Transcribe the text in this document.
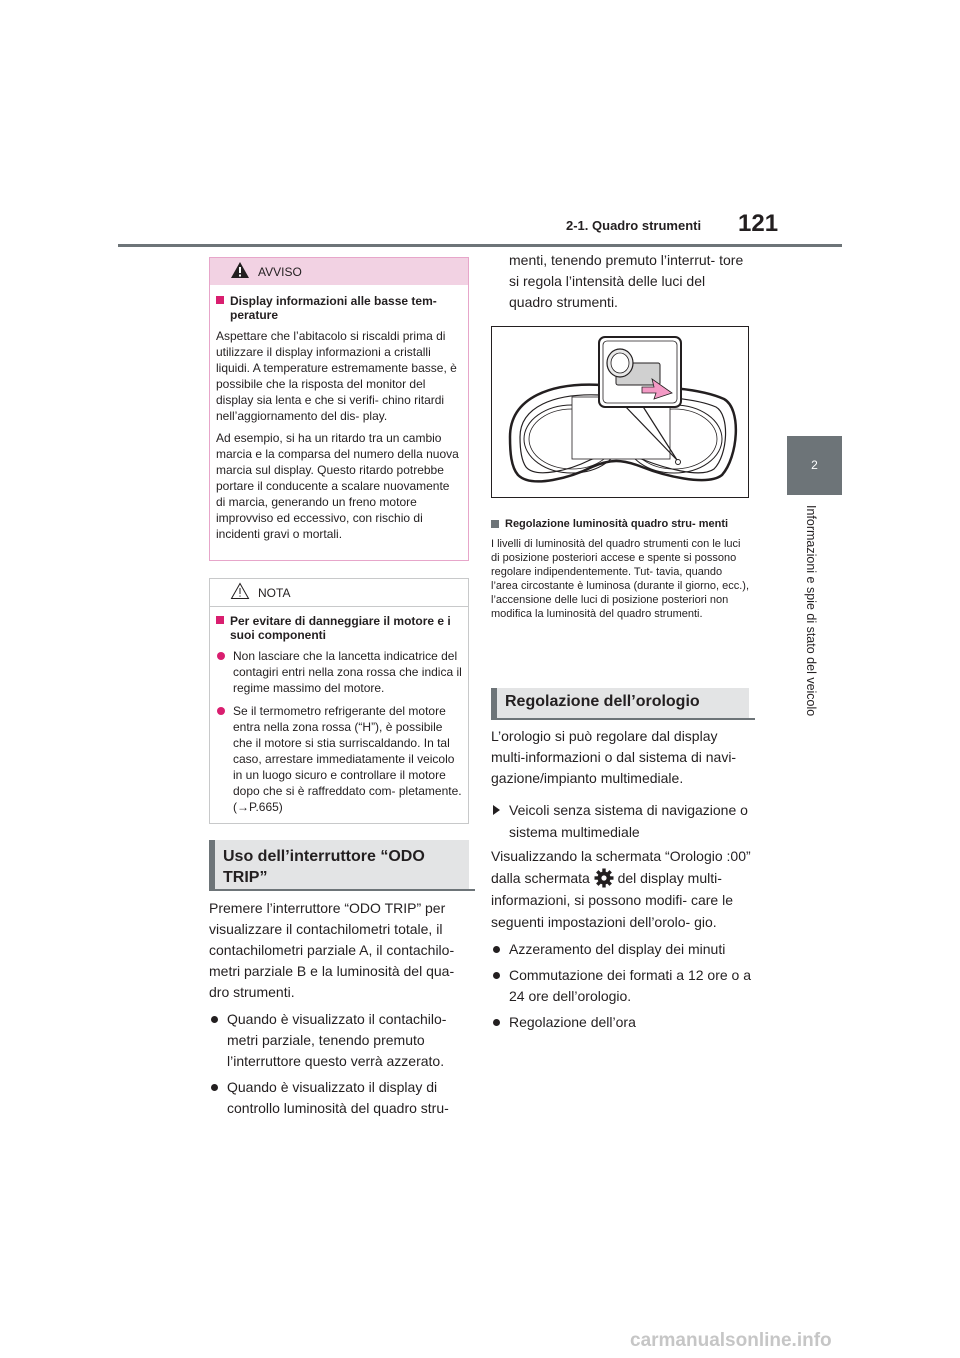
2-1. Quadro strumenti 121
2
Informazioni e spie di stato del veicolo
AVVISO
Display informazioni alle basse tem- perature
Aspettare che l’abitacolo si riscaldi prima di utilizzare il display informazioni a cristalli liquidi. A temperature estremamente basse, è possibile che la risposta del monitor del display sia lenta e che si verifi- chino ritardi nell’aggiornamento del dis- play.
Ad esempio, si ha un ritardo tra un cambio marcia e la comparsa del numero della nuova marcia sul display. Questo ritardo potrebbe portare il conducente a scalare nuovamente di marcia, generando un freno motore improvviso ed eccessivo, con rischio di incidenti gravi o mortali.
NOTA
Per evitare di danneggiare il motore e i suoi componenti
Non lasciare che la lancetta indicatrice del contagiri entri nella zona rossa che indica il regime massimo del motore.
Se il termometro refrigerante del motore entra nella zona rossa (“H”), è possibile che il motore si stia surriscaldando. In tal caso, arrestare immediatamente il veicolo in un luogo sicuro e controllare il motore dopo che si è raffreddato com- pletamente. (→P.665)
Uso dell’interruttore “ODO TRIP”
Premere l’interruttore “ODO TRIP” per visualizzare il contachilometri totale, il contachilometri parziale A, il contachilo- metri parziale B e la luminosità del qua- dro strumenti.
Quando è visualizzato il contachilo- metri parziale, tenendo premuto l’interruttore questo verrà azzerato.
Quando è visualizzato il display di controllo luminosità del quadro stru-
menti, tenendo premuto l’interrut- tore si regola l’intensità delle luci del quadro strumenti.
Regolazione luminosità quadro stru- menti
I livelli di luminosità del quadro strumenti con le luci di posizione posteriori accese e spente si possono regolare indipendentemente. Tut- tavia, quando l’area circostante è luminosa (durante il giorno, ecc.), l’accensione delle luci di posizione posteriori non modifica la luminosità del quadro strumenti.
Regolazione dell’orologio
L’orologio si può regolare dal display multi-informazioni o dal sistema di navi- gazione/impianto multimediale.
Veicoli senza sistema di navigazione o sistema multimediale
Visualizzando la schermata “Orologio :00” dalla schermata del display multi-informazioni, si possono modifi- care le seguenti impostazioni dell’orolo- gio.
Azzeramento del display dei minuti
Commutazione dei formati a 12 ore o a 24 ore dell’orologio.
Regolazione dell’ora
carmanualsonline.info
